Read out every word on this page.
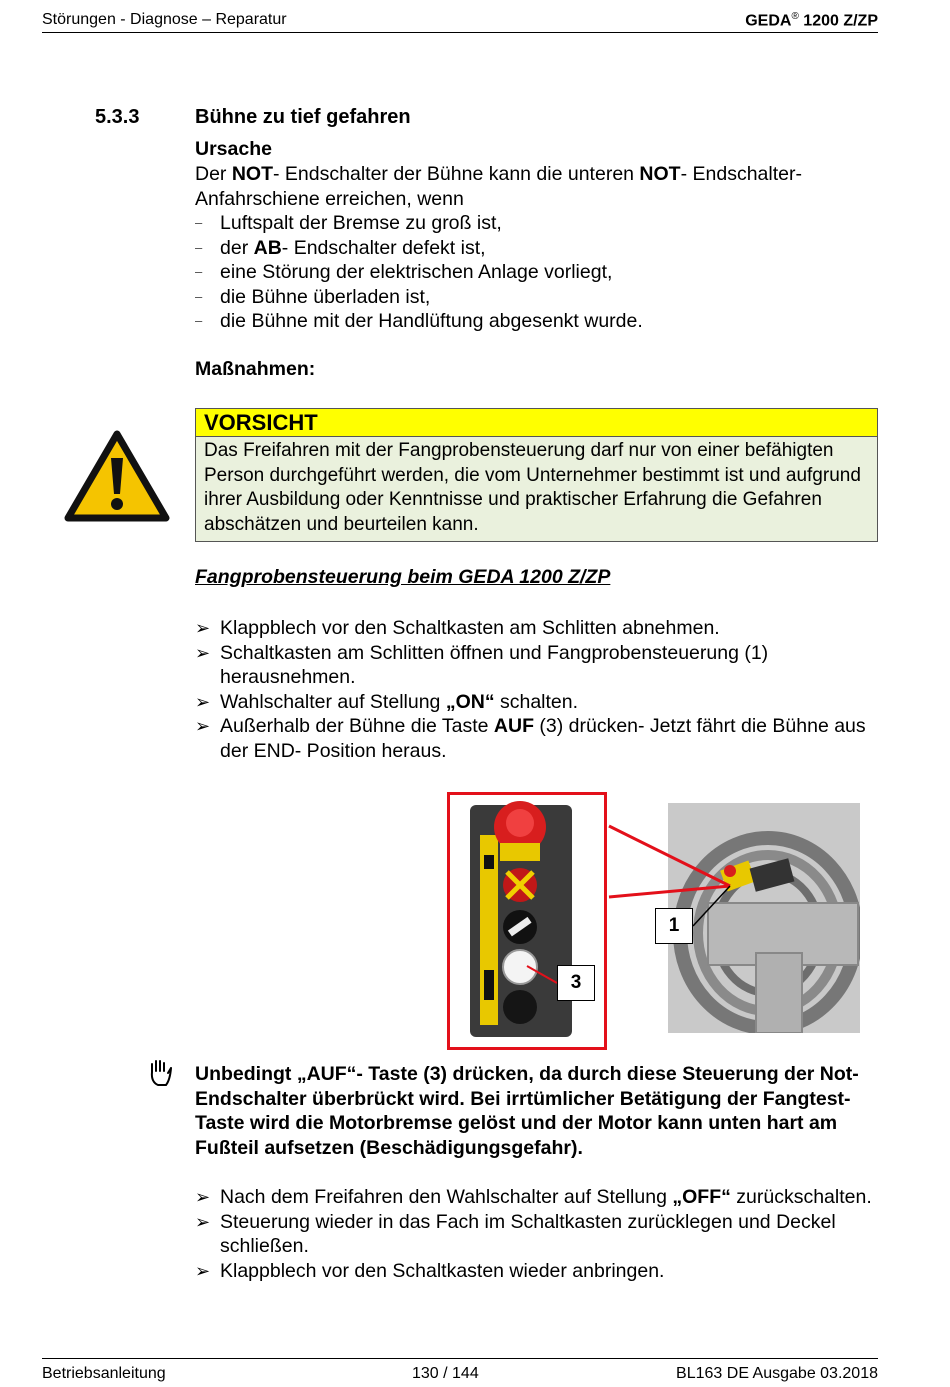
Störungen - Diagnose – Reparatur	GEDA® 1200 Z/ZP
5.3.3	Bühne zu tief gefahren
Ursache
Der NOT- Endschalter der Bühne kann die unteren NOT- Endschalter-Anfahrschiene erreichen, wenn
– Luftspalt der Bremse zu groß ist,
– der AB- Endschalter defekt ist,
– eine Störung der elektrischen Anlage vorliegt,
– die Bühne überladen ist,
– die Bühne mit der Handlüftung abgesenkt wurde.
Maßnahmen:
VORSICHT
Das Freifahren mit der Fangprobensteuerung darf nur von einer befähigten Person durchgeführt werden, die vom Unternehmer bestimmt ist und aufgrund ihrer Ausbildung oder Kenntnisse und praktischer Erfahrung die Gefahren abschätzen und beurteilen kann.
Fangprobensteuerung beim GEDA 1200 Z/ZP
➢ Klappblech vor den Schaltkasten am Schlitten abnehmen.
➢ Schaltkasten am Schlitten öffnen und Fangprobensteuerung (1) herausnehmen.
➢ Wahlschalter auf Stellung „ON“ schalten.
➢ Außerhalb der Bühne die Taste AUF (3) drücken- Jetzt fährt die Bühne aus der END- Position heraus.
1
3
Unbedingt „AUF“- Taste (3) drücken, da durch diese Steuerung der Not-Endschalter überbrückt wird. Bei irrtümlicher Betätigung der Fangtest- Taste wird die Motorbremse gelöst und der Motor kann unten hart am Fußteil aufsetzen (Beschädigungsgefahr).
➢ Nach dem Freifahren den Wahlschalter auf Stellung „OFF“ zurückschalten.
➢ Steuerung wieder in das Fach im Schaltkasten zurücklegen und Deckel schließen.
➢ Klappblech vor den Schaltkasten wieder anbringen.
Betriebsanleitung	130 / 144	BL163 DE Ausgabe 03.2018
